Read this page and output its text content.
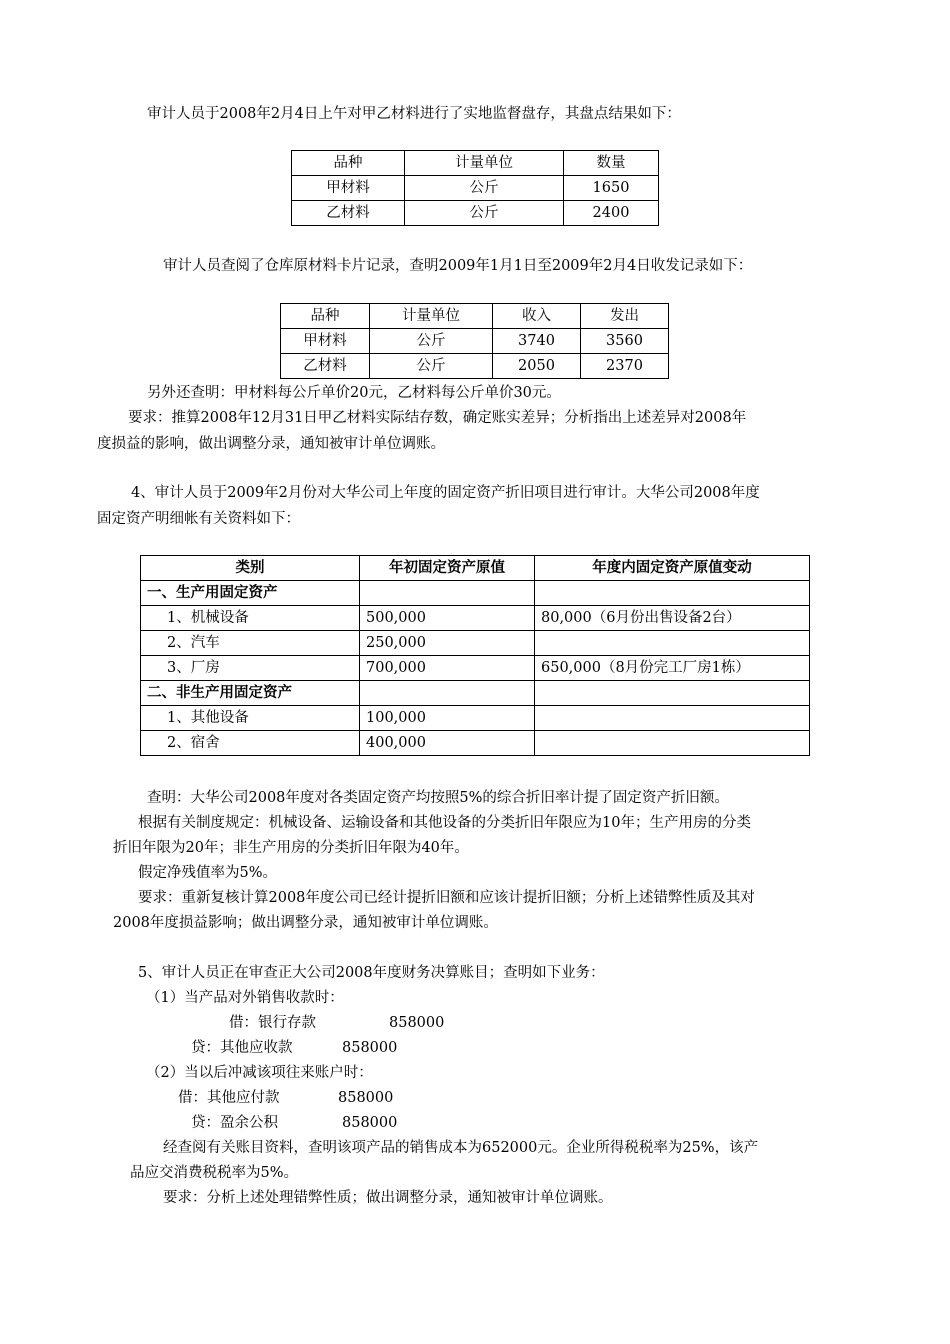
审计人员于2008年2月4日上午对甲乙材料进行了实地监督盘存，其盘点结果如下：
品种	计量单位	数量
甲材料	公斤	1650
乙材料	公斤	2400
审计人员查阅了仓库原材料卡片记录，查明2009年1月1日至2009年2月4日收发记录如下：
品种	计量单位	收入	发出
甲材料	公斤	3740	3560
乙材料	公斤	2050	2370
另外还查明：甲材料每公斤单价20元，乙材料每公斤单价30元。
要求：推算2008年12月31日甲乙材料实际结存数，确定账实差异；分析指出上述差异对2008年
度损益的影响，做出调整分录，通知被审计单位调账。
4、审计人员于2009年2月份对大华公司上年度的固定资产折旧项目进行审计。大华公司2008年度
固定资产明细帐有关资料如下：
类别	年初固定资产原值	年度内固定资产原值变动
一、生产用固定资产		
1、机械设备	500,000	80,000（6月份出售设备2台）
2、汽车	250,000	
3、厂房	700,000	650,000（8月份完工厂房1栋）
二、非生产用固定资产		
1、其他设备	100,000	
2、宿舍	400,000	
查明：大华公司2008年度对各类固定资产均按照5%的综合折旧率计提了固定资产折旧额。
根据有关制度规定：机械设备、运输设备和其他设备的分类折旧年限应为10年；生产用房的分类
折旧年限为20年；非生产用房的分类折旧年限为40年。
假定净残值率为5%。
要求：重新复核计算2008年度公司已经计提折旧额和应该计提折旧额；分析上述错弊性质及其对
2008年度损益影响；做出调整分录，通知被审计单位调账。
5、审计人员正在审查正大公司2008年度财务决算账目；查明如下业务：
（1）当产品对外销售收款时：
借：银行存款	858000
贷：其他应收款	858000
（2）当以后冲减该项往来账户时：
借：其他应付款	858000
贷：盈余公积	858000
经查阅有关账目资料，查明该项产品的销售成本为652000元。企业所得税税率为25%，该产
品应交消费税税率为5%。
要求：分析上述处理错弊性质；做出调整分录，通知被审计单位调账。
